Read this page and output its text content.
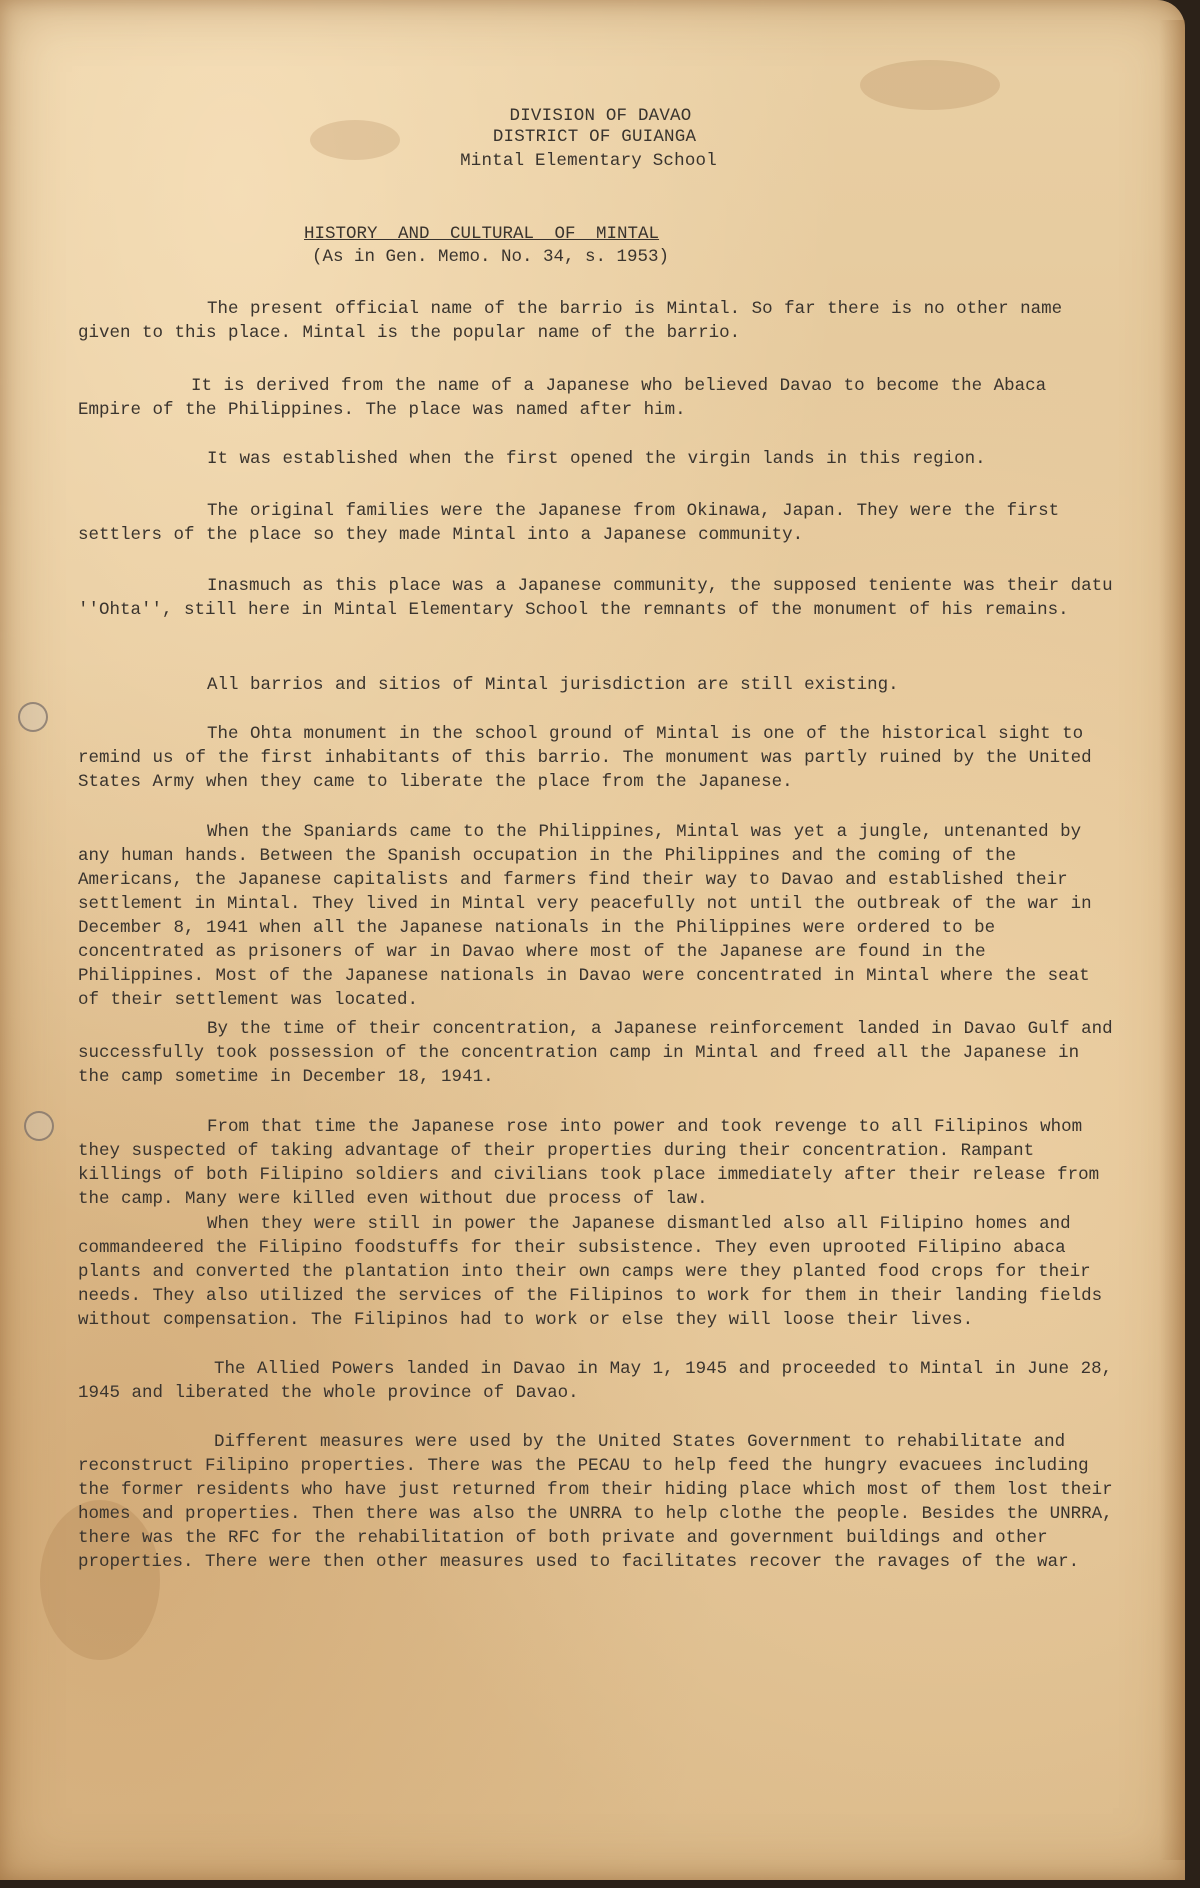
DIVISION OF DAVAO
DISTRICT OF GUIANGA
Mintal Elementary School
HISTORY AND CULTURAL OF MINTAL
(As in Gen. Memo. No. 34, s. 1953)

The present official name of the barrio is Mintal. So far there is no other name given to this place. Mintal is the popular name of the barrio.

It is derived from the name of a Japanese who believed Davao to become the Abaca Empire of the Philippines. The place was named after him.

It was established when the first opened the virgin lands in this region.

The original families were the Japanese from Okinawa, Japan. They were the first settlers of the place so they made Mintal into a Japanese community.

Inasmuch as this place was a Japanese community, the supposed teniente was their datu ''Ohta'', still here in Mintal Elementary School the remnants of the monument of his remains.

All barrios and sitios of Mintal jurisdiction are still existing.

The Ohta monument in the school ground of Mintal is one of the historical sight to remind us of the first inhabitants of this barrio. The monument was partly ruined by the United States Army when they came to liberate the place from the Japanese.

When the Spaniards came to the Philippines, Mintal was yet a jungle, untenanted by any human hands. Between the Spanish occupation in the Philippines and the coming of the Americans, the Japanese capitalists and farmers find their way to Davao and established their settlement in Mintal. They lived in Mintal very peacefully not until the outbreak of the war in December 8, 1941 when all the Japanese nationals in the Philippines were ordered to be concentrated as prisoners of war in Davao where most of the Japanese are found in the Philippines. Most of the Japanese nationals in Davao were concentrated in Mintal where the seat of their settlement was located.

By the time of their concentration, a Japanese reinforcement landed in Davao Gulf and successfully took possession of the concentration camp in Mintal and freed all the Japanese in the camp sometime in December 18, 1941.

From that time the Japanese rose into power and took revenge to all Filipinos whom they suspected of taking advantage of their properties during their concentration. Rampant killings of both Filipino soldiers and civilians took place immediately after their release from the camp. Many were killed even without due process of law.

When they were still in power the Japanese dismantled also all Filipino homes and commandeered the Filipino foodstuffs for their subsistence. They even uprooted Filipino abaca plants and converted the plantation into their own camps were they planted food crops for their needs. They also utilized the services of the Filipinos to work for them in their landing fields without compensation. The Filipinos had to work or else they will loose their lives.

The Allied Powers landed in Davao in May 1, 1945 and proceeded to Mintal in June 28, 1945 and liberated the whole province of Davao.

Different measures were used by the United States Government to rehabilitate and reconstruct Filipino properties. There was the PECAU to help feed the hungry evacuees including the former residents who have just returned from their hiding place which most of them lost their homes and properties. Then there was also the UNRRA to help clothe the people. Besides the UNRRA, there was the RFC for the rehabilitation of both private and government buildings and other properties. There were then other measures used to facilitates recover the ravages of the war.
